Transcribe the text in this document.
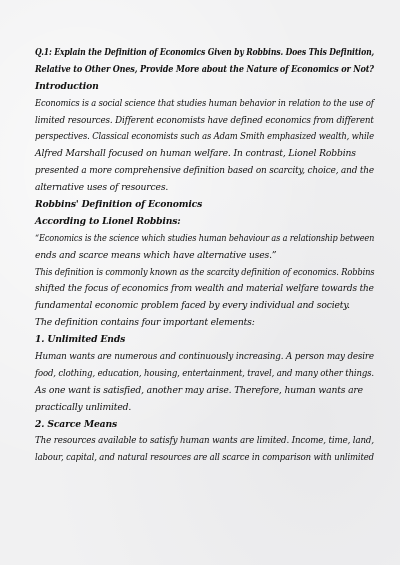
Q.1: Explain the Definition of Economics Given by Robbins. Does This Definition,
Relative to Other Ones, Provide More about the Nature of Economics or Not?
Introduction
Economics is a social science that studies human behavior in relation to the use of
limited resources. Different economists have defined economics from different
perspectives. Classical economists such as Adam Smith emphasized wealth, while
Alfred Marshall focused on human welfare. In contrast, Lionel Robbins
presented a more comprehensive definition based on scarcity, choice, and the
alternative uses of resources.
Robbins' Definition of Economics
According to Lionel Robbins:
“Economics is the science which studies human behaviour as a relationship between
ends and scarce means which have alternative uses.”
This definition is commonly known as the scarcity definition of economics. Robbins
shifted the focus of economics from wealth and material welfare towards the
fundamental economic problem faced by every individual and society.
The definition contains four important elements:
1. Unlimited Ends
Human wants are numerous and continuously increasing. A person may desire
food, clothing, education, housing, entertainment, travel, and many other things.
As one want is satisfied, another may arise. Therefore, human wants are
practically unlimited.
2. Scarce Means
The resources available to satisfy human wants are limited. Income, time, land,
labour, capital, and natural resources are all scarce in comparison with unlimited
